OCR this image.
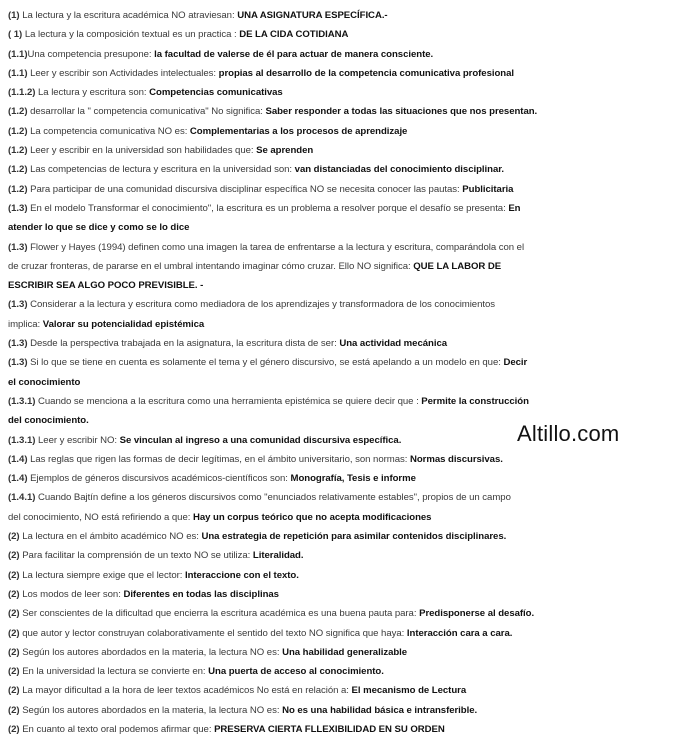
(1) La lectura y la escritura académica NO atraviesan: UNA ASIGNATURA ESPECÍFICA.-
( 1) La lectura y la composición textual es un practica : DE LA CIDA COTIDIANA
(1.1)Una competencia presupone: la facultad de valerse de él para actuar de manera consciente.
(1.1) Leer y escribir son Actividades intelectuales: propias al desarrollo de la competencia comunicativa profesional
(1.1.2) La lectura y escritura son: Competencias comunicativas
(1.2) desarrollar la " competencia comunicativa" No significa: Saber responder a todas las situaciones que nos presentan.
(1.2) La competencia comunicativa NO es: Complementarias a los procesos de aprendizaje
(1.2) Leer y escribir en la universidad son habilidades que: Se aprenden
(1.2) Las competencias de lectura y escritura en la universidad son: van distanciadas del conocimiento disciplinar.
(1.2) Para participar de una comunidad discursiva disciplinar específica NO se necesita conocer las pautas: Publicitaria
(1.3) En el modelo Transformar el conocimiento", la escritura es un problema a resolver porque el desafío se presenta: En
atender lo que se dice y como se lo dice
(1.3) Flower y Hayes (1994) definen como una imagen la tarea de enfrentarse a la lectura y escritura, comparándola con el
de cruzar fronteras, de pararse en el umbral intentando imaginar cómo cruzar. Ello NO significa: QUE LA LABOR DE
ESCRIBIR SEA ALGO POCO PREVISIBLE. -
(1.3) Considerar a la lectura y escritura como mediadora de los aprendizajes y transformadora de los conocimientos
implica: Valorar su potencialidad epistémica
(1.3) Desde la perspectiva trabajada en la asignatura, la escritura dista de ser: Una actividad mecánica
(1.3) Si lo que se tiene en cuenta es solamente el tema y el género discursivo, se está apelando a un modelo en que: Decir
el conocimiento
(1.3.1) Cuando se menciona a la escritura como una herramienta epistémica se quiere decir que : Permite la construcción
del conocimiento.
(1.3.1) Leer y escribir NO: Se vinculan al ingreso a una comunidad discursiva específica.
(1.4) Las reglas que rigen las formas de decir legítimas, en el ámbito universitario, son normas: Normas discursivas.
(1.4) Ejemplos de géneros discursivos académicos-científicos son: Monografía, Tesis e informe
(1.4.1) Cuando Bajtín define a los géneros discursivos como "enunciados relativamente estables", propios de un campo
del conocimiento, NO está refiriendo a que: Hay un corpus teórico que no acepta modificaciones
(2) La lectura en el ámbito académico NO es: Una estrategia de repetición para asimilar contenidos disciplinares.
(2) Para facilitar la comprensión de un texto NO se utiliza: Literalidad.
(2) La lectura siempre exige que el lector: Interaccione con el texto.
(2) Los modos de leer son: Diferentes en todas las disciplinas
(2) Ser conscientes de la dificultad que encierra la escritura académica es una buena pauta para: Predisponerse al desafío.
(2) que autor y lector construyan colaborativamente el sentido del texto NO significa que haya: Interacción cara a cara.
(2) Según los autores abordados en la materia, la lectura NO es: Una habilidad generalizable
(2) En la universidad la lectura se convierte en: Una puerta de acceso al conocimiento.
(2) La mayor dificultad a la hora de leer textos académicos No está en relación a: El mecanismo de Lectura
(2) Según los autores abordados en la materia, la lectura NO es: No es una habilidad básica e intransferible.
(2) En cuanto al texto oral podemos afirmar que: PRESERVA CIERTA FLLEXIBILIDAD EN SU ORDEN
Altillo.com
